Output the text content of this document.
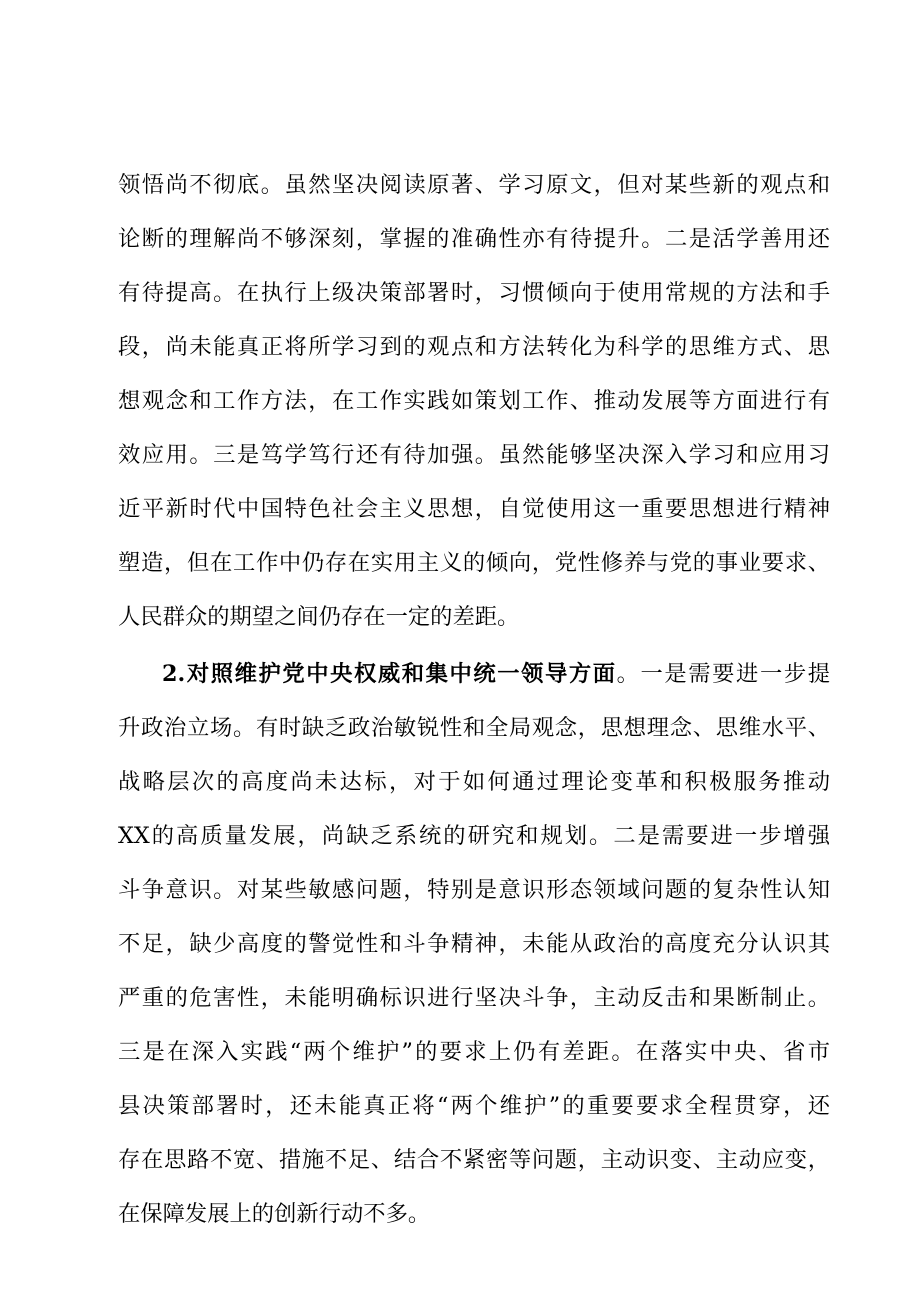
领悟尚不彻底。虽然坚决阅读原著、学习原文，但对某些新的观点和
论断的理解尚不够深刻，掌握的准确性亦有待提升。二是活学善用还
有待提高。在执行上级决策部署时，习惯倾向于使用常规的方法和手
段，尚未能真正将所学习到的观点和方法转化为科学的思维方式、思
想观念和工作方法，在工作实践如策划工作、推动发展等方面进行有
效应用。三是笃学笃行还有待加强。虽然能够坚决深入学习和应用习
近平新时代中国特色社会主义思想，自觉使用这一重要思想进行精神
塑造，但在工作中仍存在实用主义的倾向，党性修养与党的事业要求、
人民群众的期望之间仍存在一定的差距。
2.对照维护党中央权威和集中统一领导方面。一是需要进一步提
升政治立场。有时缺乏政治敏锐性和全局观念，思想理念、思维水平、
战略层次的高度尚未达标，对于如何通过理论变革和积极服务推动
XX的高质量发展，尚缺乏系统的研究和规划。二是需要进一步增强
斗争意识。对某些敏感问题，特别是意识形态领域问题的复杂性认知
不足，缺少高度的警觉性和斗争精神，未能从政治的高度充分认识其
严重的危害性，未能明确标识进行坚决斗争，主动反击和果断制止。
三是在深入实践“两个维护”的要求上仍有差距。在落实中央、省市
县决策部署时，还未能真正将“两个维护”的重要要求全程贯穿，还
存在思路不宽、措施不足、结合不紧密等问题，主动识变、主动应变，
在保障发展上的创新行动不多。
